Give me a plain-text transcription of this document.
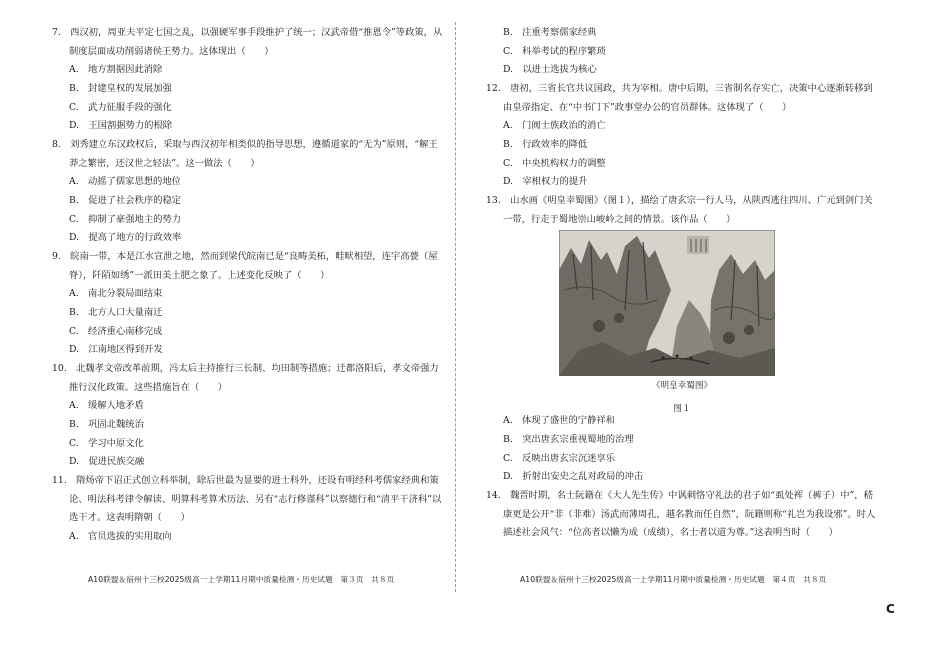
7.　西汉初，周亚夫平定七国之乱，以强硬军事手段维护了统一；汉武帝借“推恩令”等政策，从制度层面成功削弱诸侯王势力。这体现出（　　）

A.　地方割据因此消除

B.　封建皇权的发展加强

C.　武力征服手段的强化

D.　王国割据势力的根除

8.　刘秀建立东汉政权后，采取与西汉初年相类似的指导思想，遵循道家的“无为”原则，“解王莽之繁密，还汉世之轻法”。这一做法（　　）

A.　动摇了儒家思想的地位

B.　促进了社会秩序的稳定

C.　抑制了豪强地主的势力

D.　提高了地方的行政效率

9.　皖南一带，本是江水宣泄之地，然而到梁代皖南已是“良畴美柘，畦畎相望，连宇高甍（屋脊），阡陌如绣”一派田美土肥之象了。上述变化反映了（　　）

A.　南北分裂局面结束

B.　北方人口大量南迁

C.　经济重心南移完成

D.　江南地区得到开发

10.　北魏孝文帝改革前期，冯太后主持推行三长制、均田制等措施；迁都洛阳后，孝文帝强力推行汉化政策。这些措施旨在（　　）

A.　缓解人地矛盾

B.　巩固北魏统治

C.　学习中原文化

D.　促进民族交融

11.　隋炀帝下诏正式创立科举制，除后世最为显要的进士科外，还设有明经科考儒家经典和策论、明法科考律令解读、明算科考算术历法、另有“志行修谨科”以察德行和“清平干济科”以选干才。这表明隋朝（　　）

A.　官员选拔的实用取向

A10联盟＆宿州十三校2025级高一上学期11月期中质量检测・历史试题　第３页　共８页

B.　注重考察儒家经典

C.　科举考试的程序繁琐

D.　以进士选拔为核心

12.　唐初，三省长官共议国政，共为宰相。唐中后期，三省制名存实亡，决策中心逐渐转移到由皇帝指定、在“中书门下”政事堂办公的官员群体。这体现了（　　）

A.　门阀士族政治的消亡

B.　行政效率的降低

C.　中央机构权力的调整

D.　宰相权力的提升

13.　山水画《明皇幸蜀图》（图１），描绘了唐玄宗一行人马，从陕西逃往四川、广元到剑门关一带，行走于蜀地崇山峻岭之间的情景。该作品（　　）

《明皇幸蜀图》
图１

A.　体现了盛世的宁静祥和

B.　突出唐玄宗重视蜀地的治理

C.　反映出唐玄宗沉迷享乐

D.　折射出安史之乱对政局的冲击

14.　魏晋时期，名士阮籍在《大人先生传》中讽刺恪守礼法的君子如“虱处裈（裤子）中”，嵇康更是公开“非（非难）汤武而薄周孔，越名教而任自然”，阮籍则称“礼岂为我设邪”。时人描述社会风气：“位高者以懒为成（成绩），名士者以道为尊。”这表明当时（　　）

A10联盟＆宿州十三校2025级高一上学期11月期中质量检测・历史试题　第４页　共８页
C
